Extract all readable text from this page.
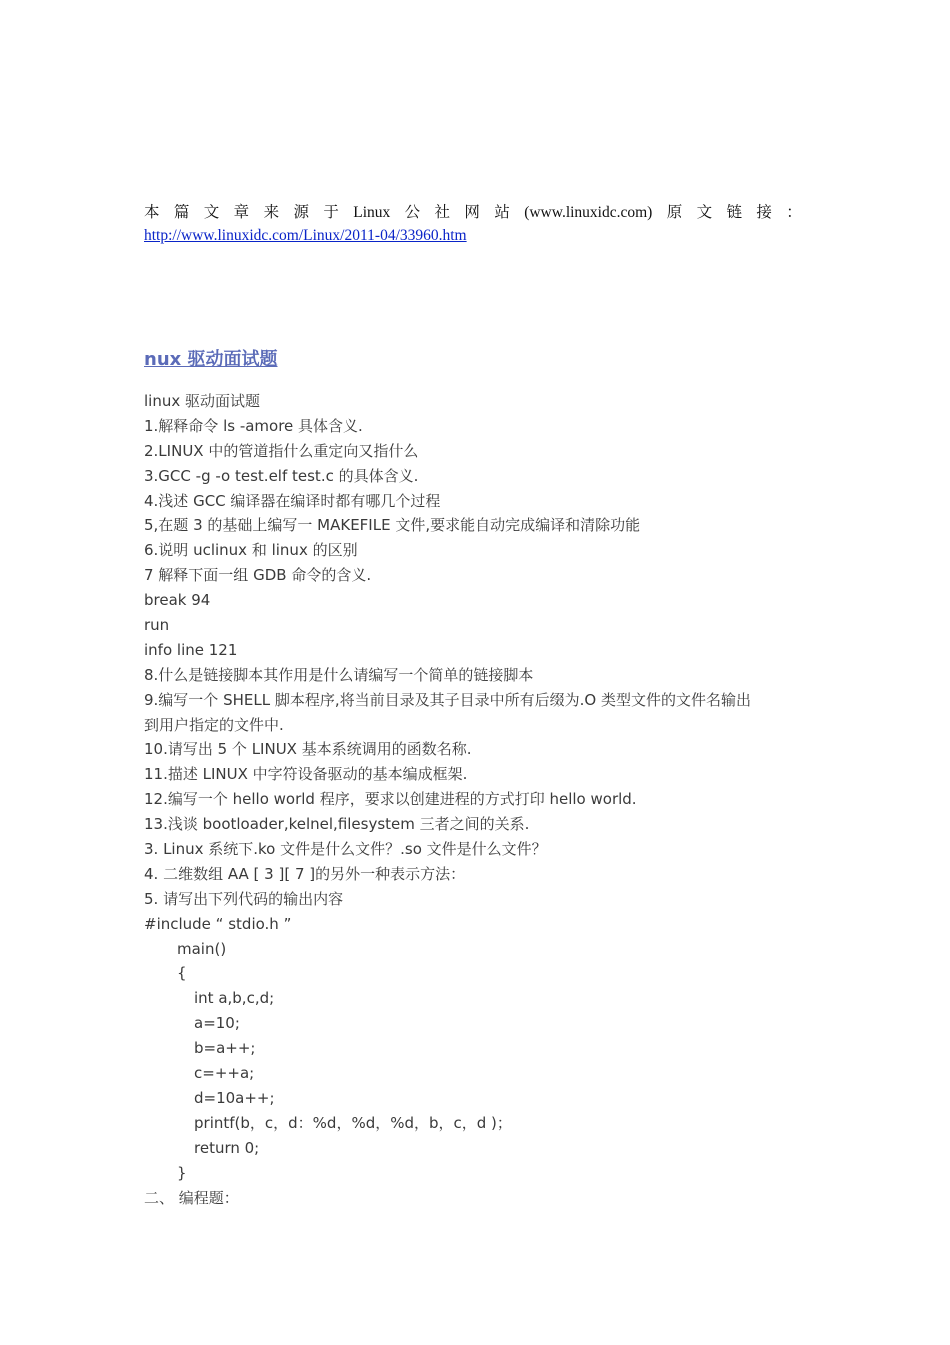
本 篇 文 章 来 源 于 Linux 公 社 网 站 (www.linuxidc.com) 原 文 链 接 ：
http://www.linuxidc.com/Linux/2011-04/33960.htm
nux 驱动面试题
linux 驱动面试题
1.解释命令 ls -amore 具体含义.
2.LINUX 中的管道指什么重定向又指什么
3.GCC -g -o test.elf test.c 的具体含义.
4.浅述 GCC 编译器在编译时都有哪几个过程
5,在题 3 的基础上编写一 MAKEFILE 文件,要求能自动完成编译和清除功能
6.说明 uclinux 和 linux 的区别
7 解释下面一组 GDB 命令的含义.
break 94
run
info line 121
8.什么是链接脚本其作用是什么请编写一个简单的链接脚本
9.编写一个 SHELL 脚本程序,将当前目录及其子目录中所有后缀为.O 类型文件的文件名输出
到用户指定的文件中.
10.请写出 5 个 LINUX 基本系统调用的函数名称.
11.描述 LINUX 中字符设备驱动的基本编成框架.
12.编写一个 hello world 程序，要求以创建进程的方式打印 hello world.
13.浅谈 bootloader,kelnel,filesystem 三者之间的关系.
3. Linux 系统下.ko 文件是什么文件？.so 文件是什么文件？
4. 二维数组 AA [ 3 ][ 7 ]的另外一种表示方法：
5. 请写出下列代码的输出内容
#include “ stdio.h ”
main()
{
int a,b,c,d;
a=10;
b=a++;
c=++a;
d=10a++;
printf(b，c，d：%d，%d，%d，b，c，d )；
return 0;
}
二、 编程题：
